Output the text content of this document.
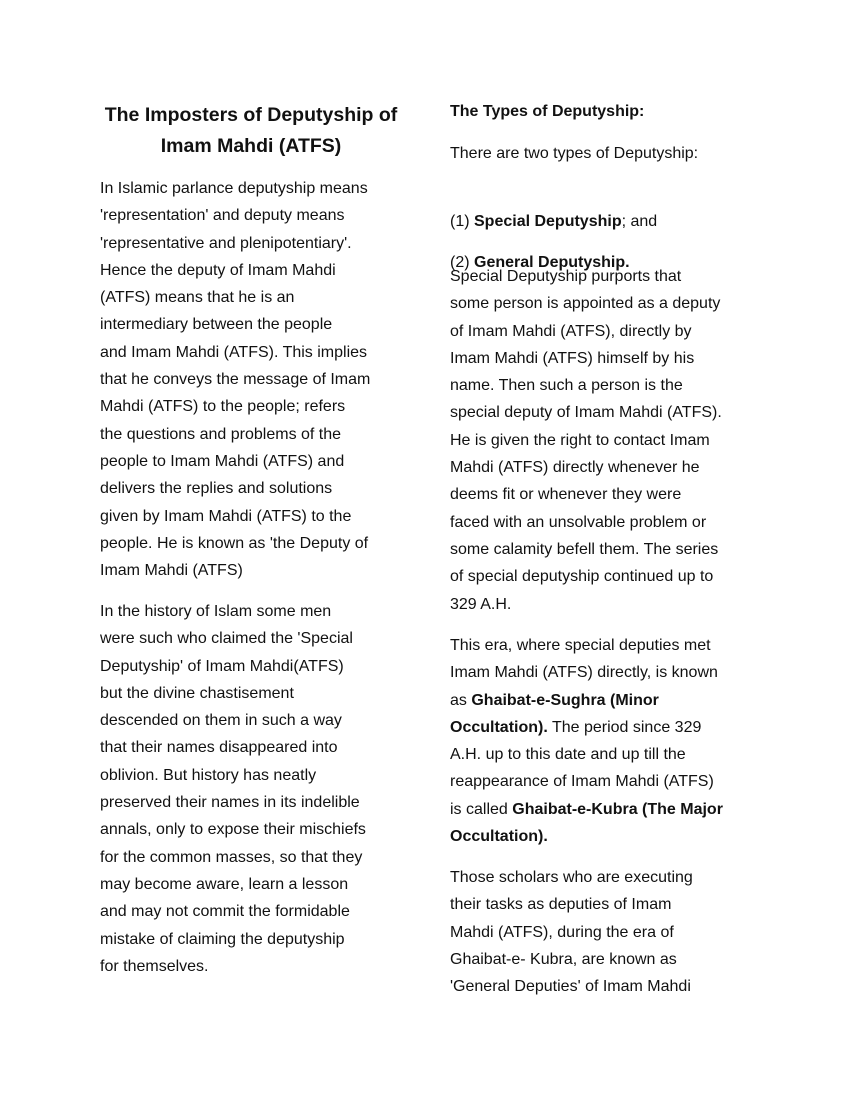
The Imposters of Deputyship of
Imam Mahdi (ATFS)

In Islamic parlance deputyship means
'representation' and deputy means
'representative and plenipotentiary'.
Hence the deputy of Imam Mahdi
(ATFS) means that he is an
intermediary between the people
and Imam Mahdi (ATFS). This implies
that he conveys the message of Imam
Mahdi (ATFS) to the people; refers
the questions and problems of the
people to Imam Mahdi (ATFS) and
delivers the replies and solutions
given by Imam Mahdi (ATFS) to the
people. He is known as 'the Deputy of
Imam Mahdi (ATFS)

In the history of Islam some men
were such who claimed the 'Special
Deputyship' of Imam Mahdi(ATFS)
but the divine chastisement
descended on them in such a way
that their names disappeared into
oblivion. But history has neatly
preserved their names in its indelible
annals, only to expose their mischiefs
for the common masses, so that they
may become aware, learn a lesson
and may not commit the formidable
mistake of claiming the deputyship
for themselves.

The Types of Deputyship:

There are two types of Deputyship:

(1) Special Deputyship; and

(2) General Deputyship.

Special Deputyship purports that
some person is appointed as a deputy
of Imam Mahdi (ATFS), directly by
Imam Mahdi (ATFS) himself by his
name. Then such a person is the
special deputy of Imam Mahdi (ATFS).
He is given the right to contact Imam
Mahdi (ATFS) directly whenever he
deems fit or whenever they were
faced with an unsolvable problem or
some calamity befell them. The series
of special deputyship continued up to
329 A.H.

This era, where special deputies met
Imam Mahdi (ATFS) directly, is known
as Ghaibat-e-Sughra (Minor
Occultation). The period since 329
A.H. up to this date and up till the
reappearance of Imam Mahdi (ATFS)
is called Ghaibat-e-Kubra (The Major
Occultation).

Those scholars who are executing
their tasks as deputies of Imam
Mahdi (ATFS), during the era of
Ghaibat-e- Kubra, are known as
'General Deputies' of Imam Mahdi
